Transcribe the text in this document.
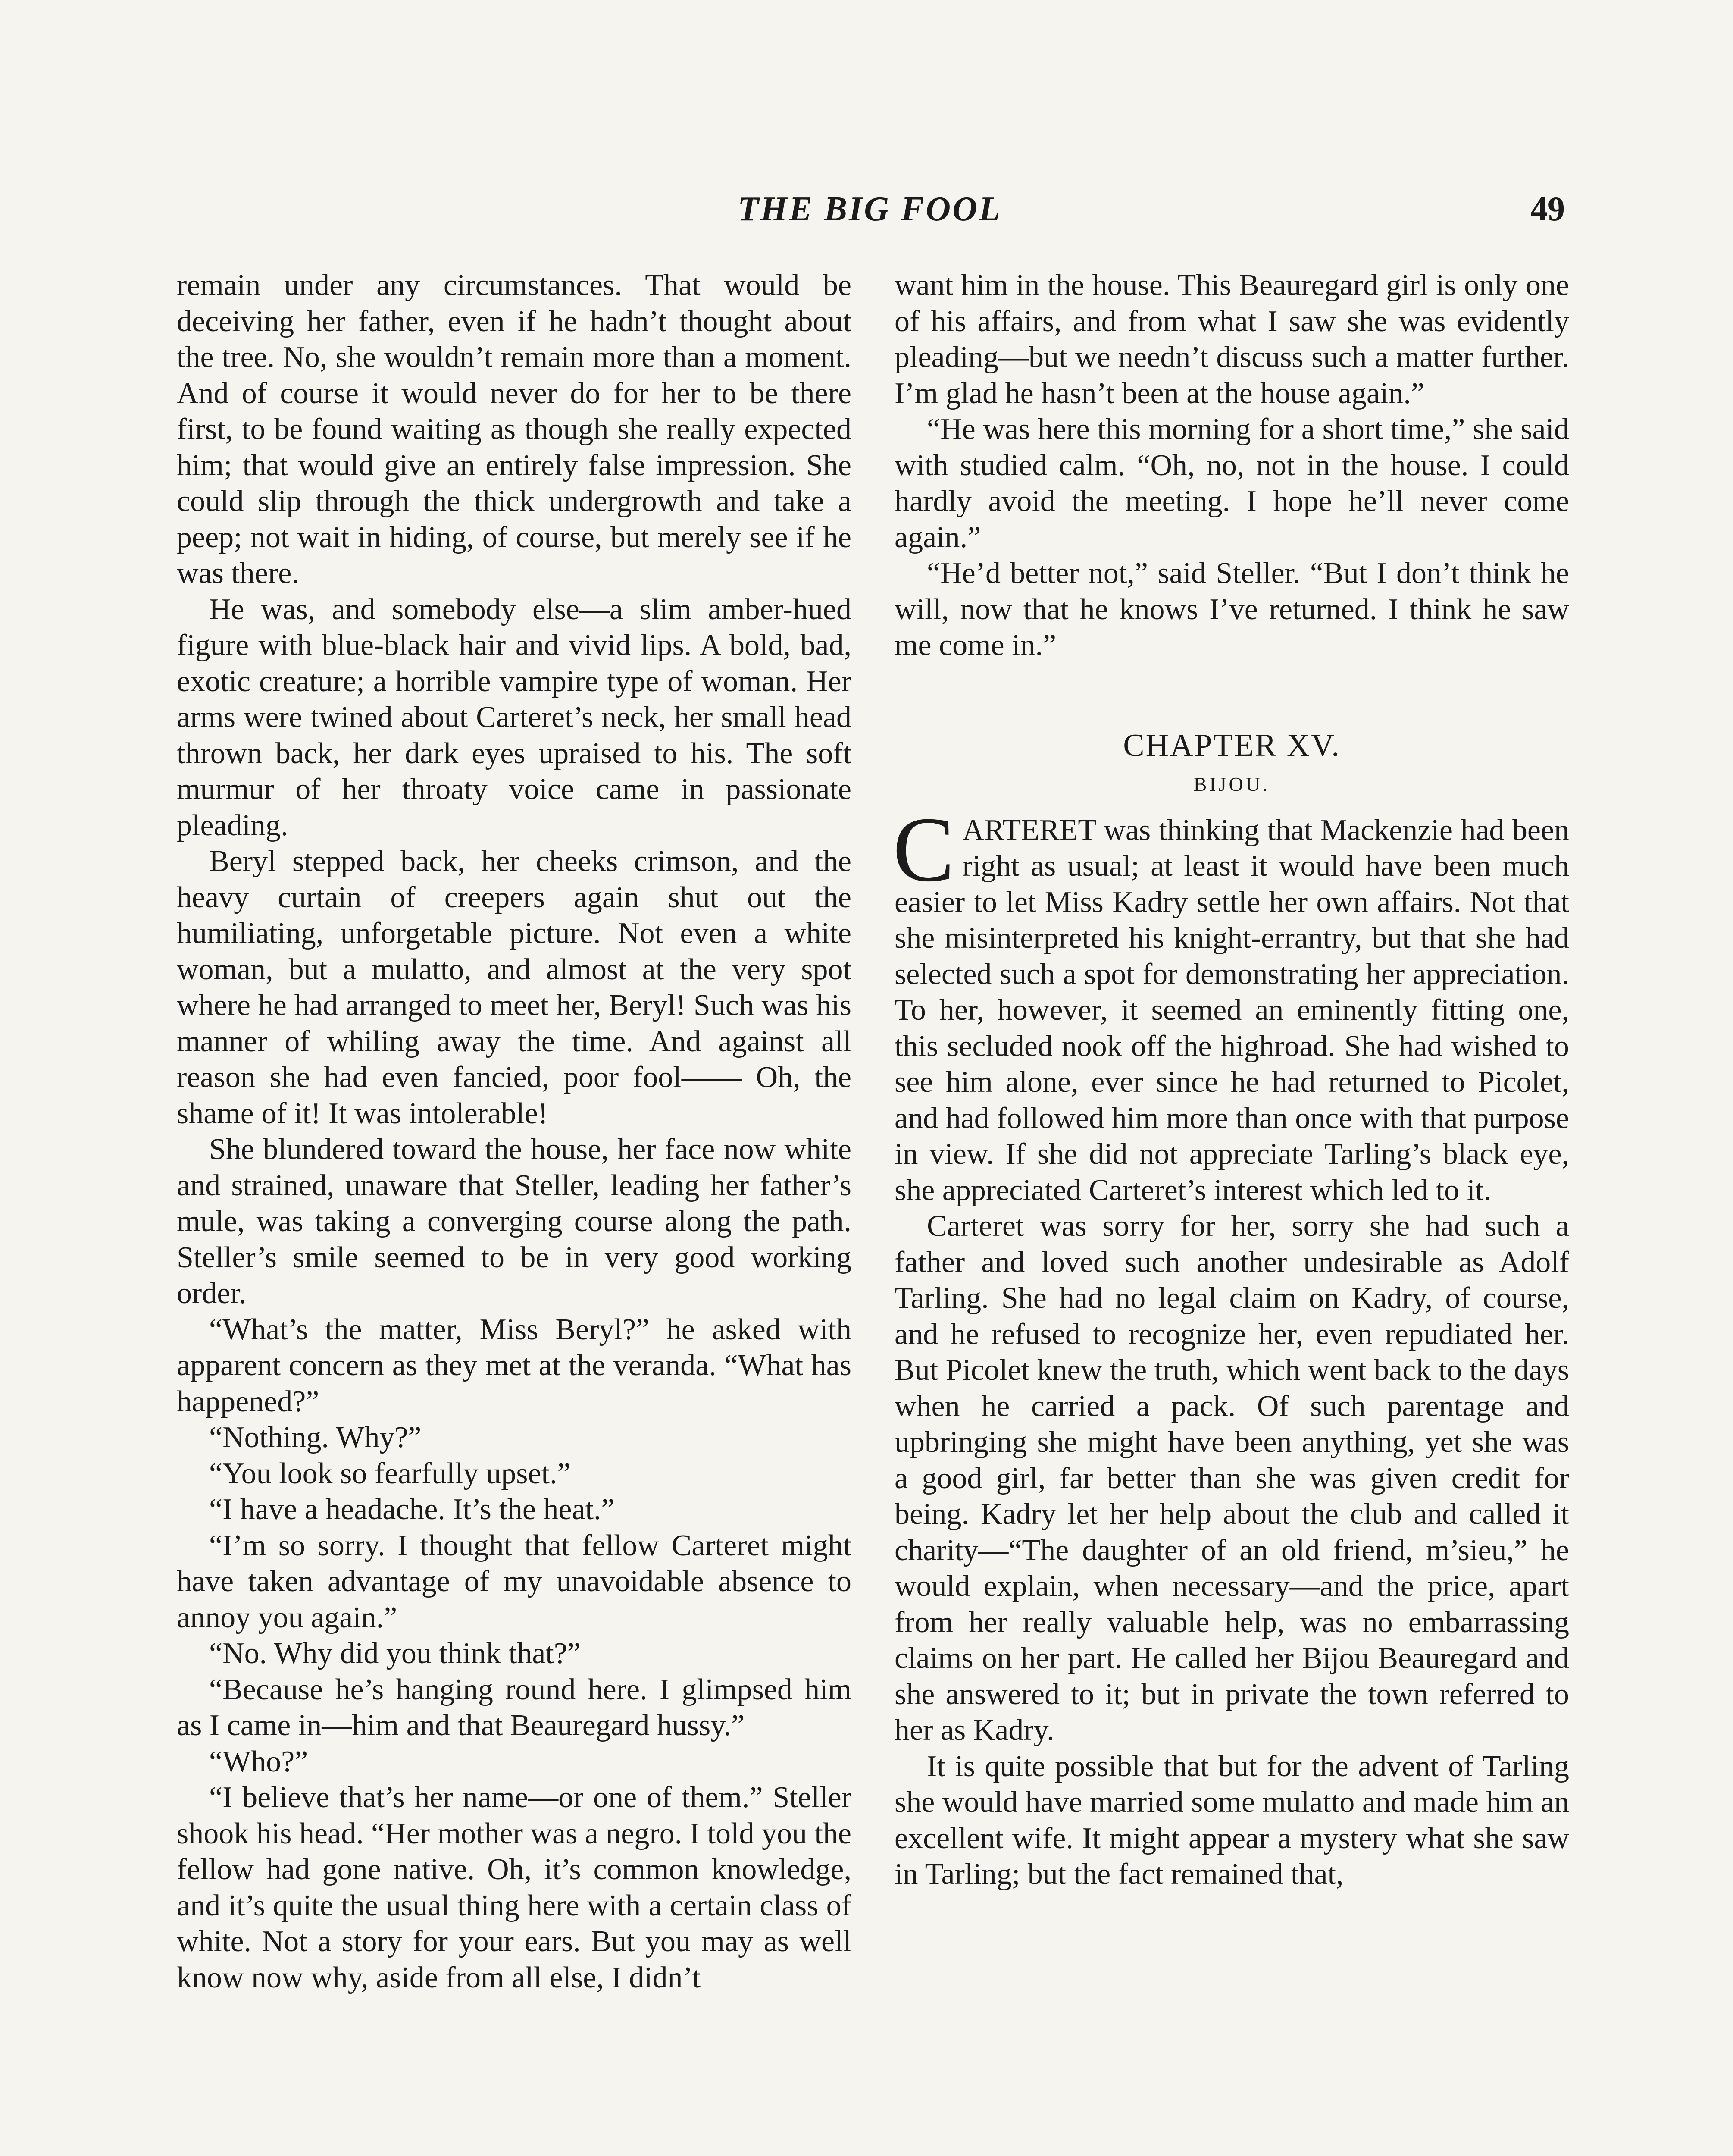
THE BIG FOOL	49

remain under any circumstances. That would be deceiving her father, even if he hadn’t thought about the tree. No, she wouldn’t remain more than a moment. And of course it would never do for her to be there first, to be found waiting as though she really expected him; that would give an entirely false impression. She could slip through the thick undergrowth and take a peep; not wait in hiding, of course, but merely see if he was there.

He was, and somebody else—a slim amber-hued figure with blue-black hair and vivid lips. A bold, bad, exotic creature; a horrible vampire type of woman. Her arms were twined about Carteret’s neck, her small head thrown back, her dark eyes upraised to his. The soft murmur of her throaty voice came in passionate pleading.

Beryl stepped back, her cheeks crimson, and the heavy curtain of creepers again shut out the humiliating, unforgetable picture. Not even a white woman, but a mulatto, and almost at the very spot where he had arranged to meet her, Beryl! Such was his manner of whiling away the time. And against all reason she had even fancied, poor fool—— Oh, the shame of it! It was intolerable!

She blundered toward the house, her face now white and strained, unaware that Steller, leading her father’s mule, was taking a converging course along the path. Steller’s smile seemed to be in very good working order.

“What’s the matter, Miss Beryl?” he asked with apparent concern as they met at the veranda. “What has happened?”

“Nothing. Why?”

“You look so fearfully upset.”

“I have a headache. It’s the heat.”

“I’m so sorry. I thought that fellow Carteret might have taken advantage of my unavoidable absence to annoy you again.”

“No. Why did you think that?”

“Because he’s hanging round here. I glimpsed him as I came in—him and that Beauregard hussy.”

“Who?”

“I believe that’s her name—or one of them.” Steller shook his head. “Her mother was a negro. I told you the fellow had gone native. Oh, it’s common knowledge, and it’s quite the usual thing here with a certain class of white. Not a story for your ears. But you may as well know now why, aside from all else, I didn’t

want him in the house. This Beauregard girl is only one of his affairs, and from what I saw she was evidently pleading—but we needn’t discuss such a matter further. I’m glad he hasn’t been at the house again.”

“He was here this morning for a short time,” she said with studied calm. “Oh, no, not in the house. I could hardly avoid the meeting. I hope he’ll never come again.”

“He’d better not,” said Steller. “But I don’t think he will, now that he knows I’ve returned. I think he saw me come in.”

CHAPTER XV.
BIJOU.

CARTERET was thinking that Mackenzie had been right as usual; at least it would have been much easier to let Miss Kadry settle her own affairs. Not that she misinterpreted his knight-errantry, but that she had selected such a spot for demonstrating her appreciation. To her, however, it seemed an eminently fitting one, this secluded nook off the highroad. She had wished to see him alone, ever since he had returned to Picolet, and had followed him more than once with that purpose in view. If she did not appreciate Tarling’s black eye, she appreciated Carteret’s interest which led to it.

Carteret was sorry for her, sorry she had such a father and loved such another undesirable as Adolf Tarling. She had no legal claim on Kadry, of course, and he refused to recognize her, even repudiated her. But Picolet knew the truth, which went back to the days when he carried a pack. Of such parentage and upbringing she might have been anything, yet she was a good girl, far better than she was given credit for being. Kadry let her help about the club and called it charity—“The daughter of an old friend, m’sieu,” he would explain, when necessary—and the price, apart from her really valuable help, was no embarrassing claims on her part. He called her Bijou Beauregard and she answered to it; but in private the town referred to her as Kadry.

It is quite possible that but for the advent of Tarling she would have married some mulatto and made him an excellent wife. It might appear a mystery what she saw in Tarling; but the fact remained that,
